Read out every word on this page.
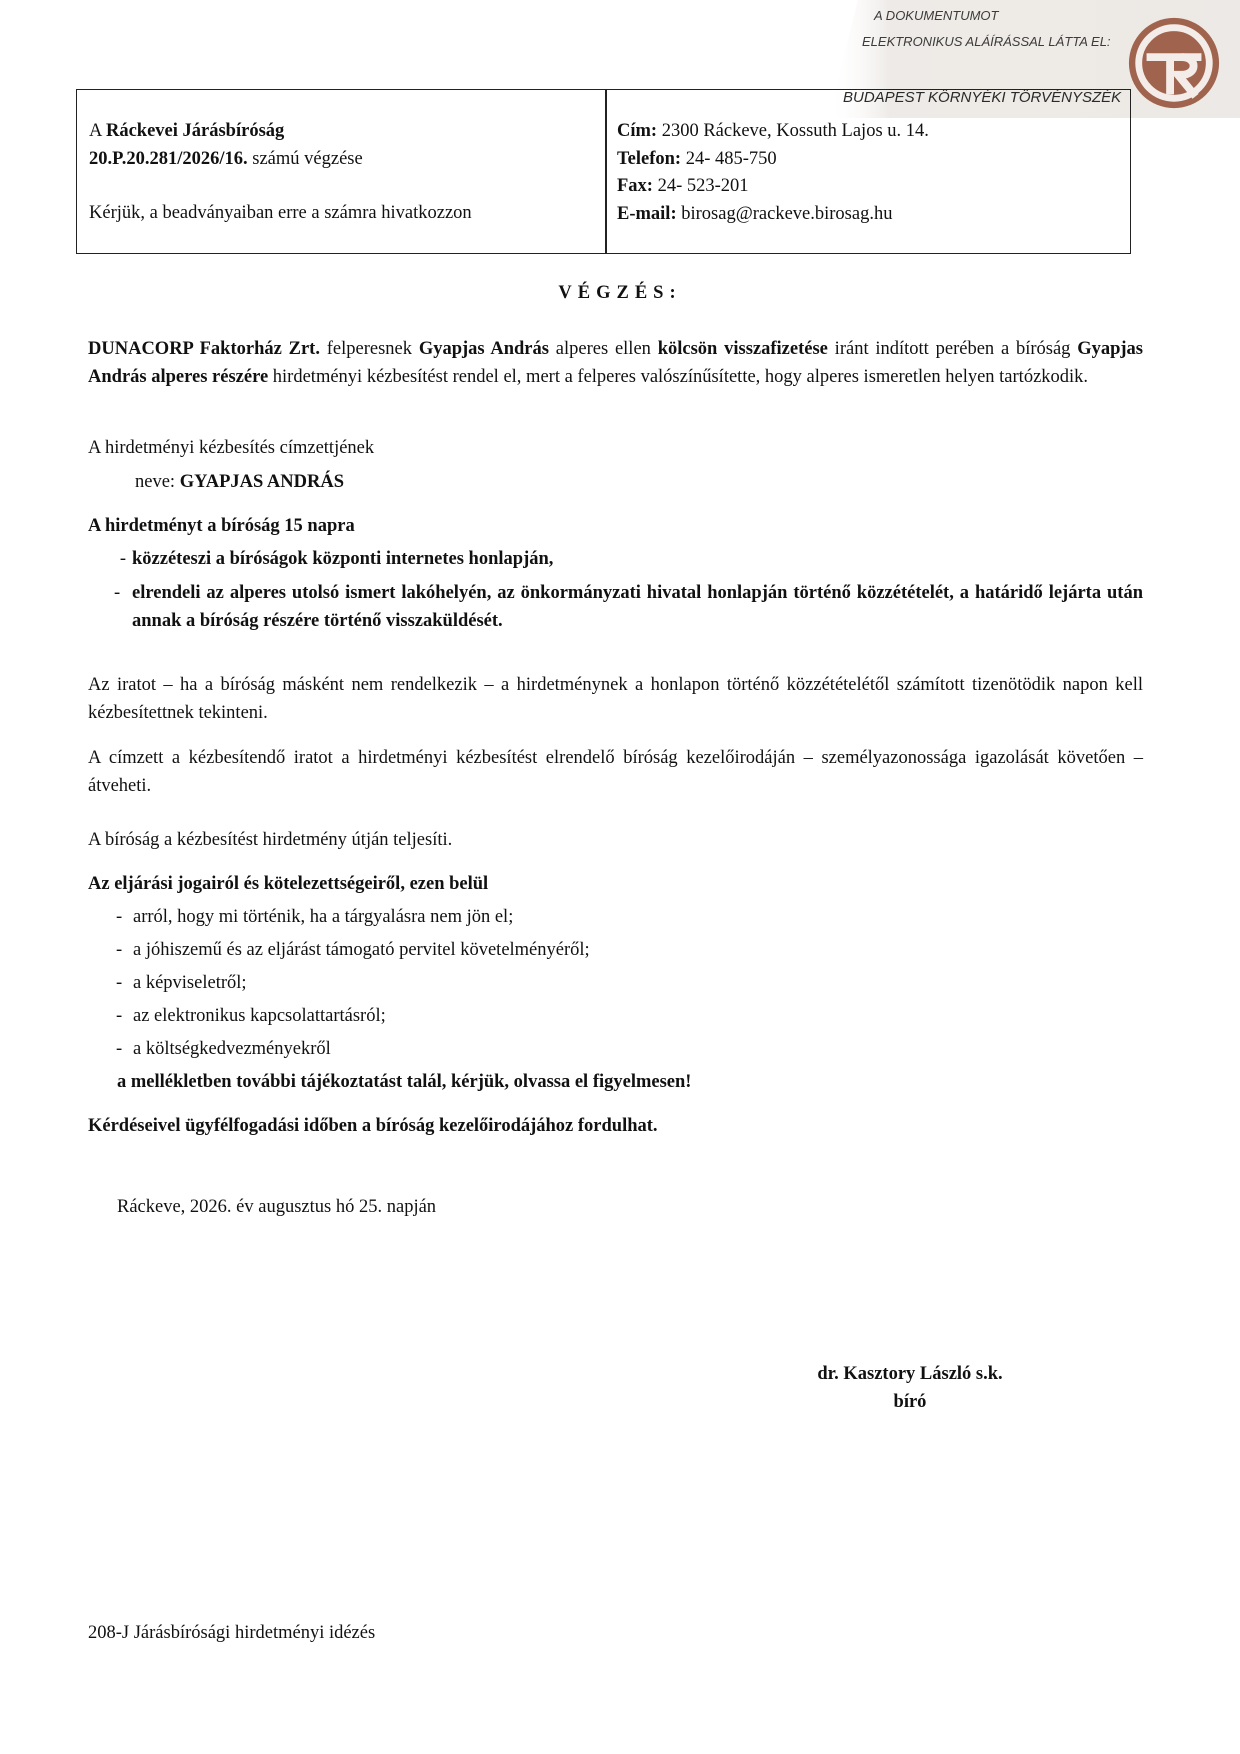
A DOKUMENTUMOT
ELEKTRONIKUS ALÁÍRÁSSAL LÁTTA EL:
BUDAPEST KÖRNYÉKI TÖRVÉNYSZÉK
A Ráckevei Járásbíróság
20.P.20.281/2026/16. számú végzése
Kérjük, a beadványaiban erre a számra hivatkozzon
Cím: 2300 Ráckeve, Kossuth Lajos u. 14.
Telefon: 24- 485-750
Fax: 24- 523-201
E-mail: birosag@rackeve.birosag.hu
VÉGZÉS:
DUNACORP Faktorház Zrt. felperesnek Gyapjas András alperes ellen kölcsön visszafizetése iránt indított perében a bíróság Gyapjas András alperes részére hirdetményi kézbesítést rendel el, mert a felperes valószínűsítette, hogy alperes ismeretlen helyen tartózkodik.
A hirdetményi kézbesítés címzettjének
neve: GYAPJAS ANDRÁS
A hirdetményt a bíróság 15 napra
- közzéteszi a bíróságok központi internetes honlapján,
- elrendeli az alperes utolsó ismert lakóhelyén, az önkormányzati hivatal honlapján történő közzétételét, a határidő lejárta után annak a bíróság részére történő visszaküldését.
Az iratot – ha a bíróság másként nem rendelkezik – a hirdetménynek a honlapon történő közzétételétől számított tizenötödik napon kell kézbesítettnek tekinteni.
A címzett a kézbesítendő iratot a hirdetményi kézbesítést elrendelő bíróság kezelőirodáján – személyazonossága igazolását követően – átveheti.
A bíróság a kézbesítést hirdetmény útján teljesíti.
Az eljárási jogairól és kötelezettségeiről, ezen belül
- arról, hogy mi történik, ha a tárgyalásra nem jön el;
- a jóhiszemű és az eljárást támogató pervitel követelményéről;
- a képviseletről;
- az elektronikus kapcsolattartásról;
- a költségkedvezményekről
a mellékletben további tájékoztatást talál, kérjük, olvassa el figyelmesen!
Kérdéseivel ügyfélfogadási időben a bíróság kezelőirodájához fordulhat.
Ráckeve, 2026. év augusztus hó 25. napján
dr. Kasztory László s.k.
bíró
208-J Járásbírósági hirdetményi idézés
